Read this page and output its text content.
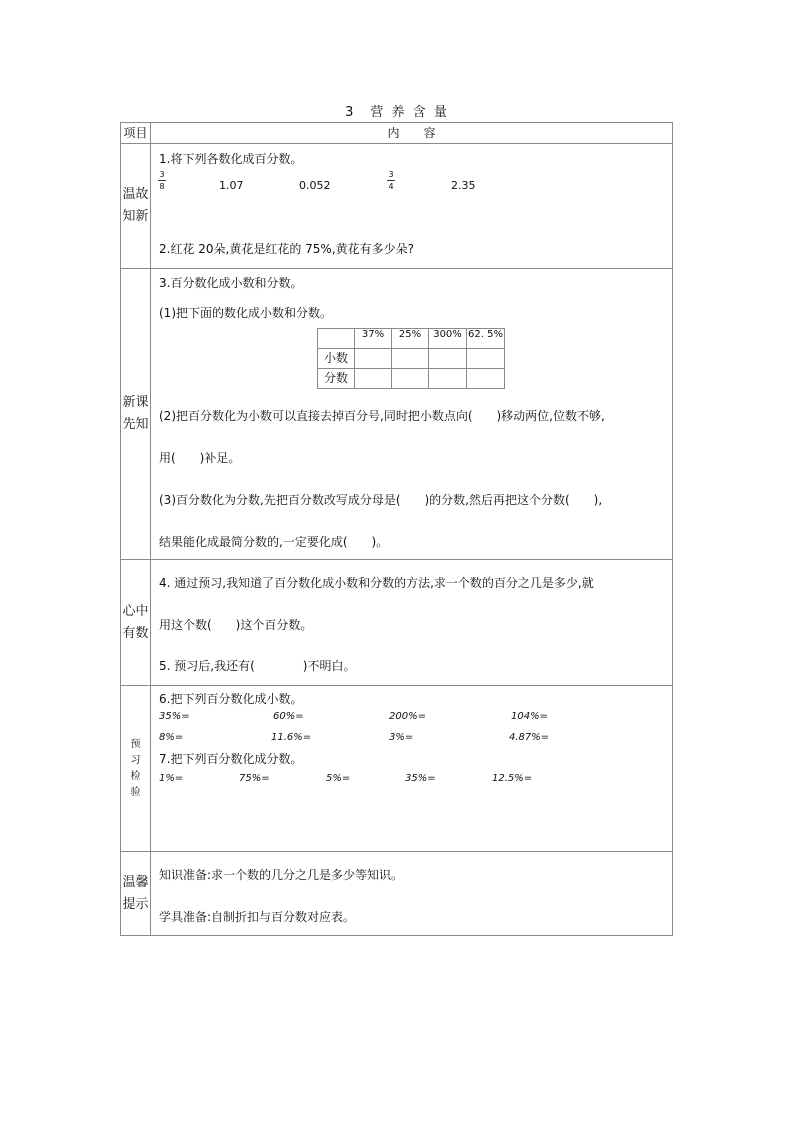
3　营 养 含 量
项目	内　　容
温故知新	
1.将下列各数化成百分数。
3
8	1.07	0.052
3
4	2.35
2.红花 20朵,黄花是红花的 75%,黄花有多少朵?

新课先知	
3.百分数化成小数和分数。
(1)把下面的数化成小数和分数。
	37%	25%	300%	62. 5%
小数				
分数				
(2)把百分数化为小数可以直接去掉百分号,同时把小数点向(　　)移动两位,位数不够,
用(　　)补足。
(3)百分数化为分数,先把百分数改写成分母是(　　)的分数,然后再把这个分数(　　),
结果能化成最简分数的,一定要化成(　　)。

心中有数	
4. 通过预习,我知道了百分数化成小数和分数的方法,求一个数的百分之几是多少,就
用这个数(　　)这个百分数。
5. 预习后,我还有(　　　　)不明白。

预习检验

6.把下列百分数化成小数。
35%=	60%=	200%=	104%=
8%=	11.6%=	3%=	4.87%=
7.把下列百分数化成分数。
1%=	75%=	5%=	35%=	12.5%=

温馨提示	
知识准备:求一个数的几分之几是多少等知识。
学具准备:自制折扣与百分数对应表。
